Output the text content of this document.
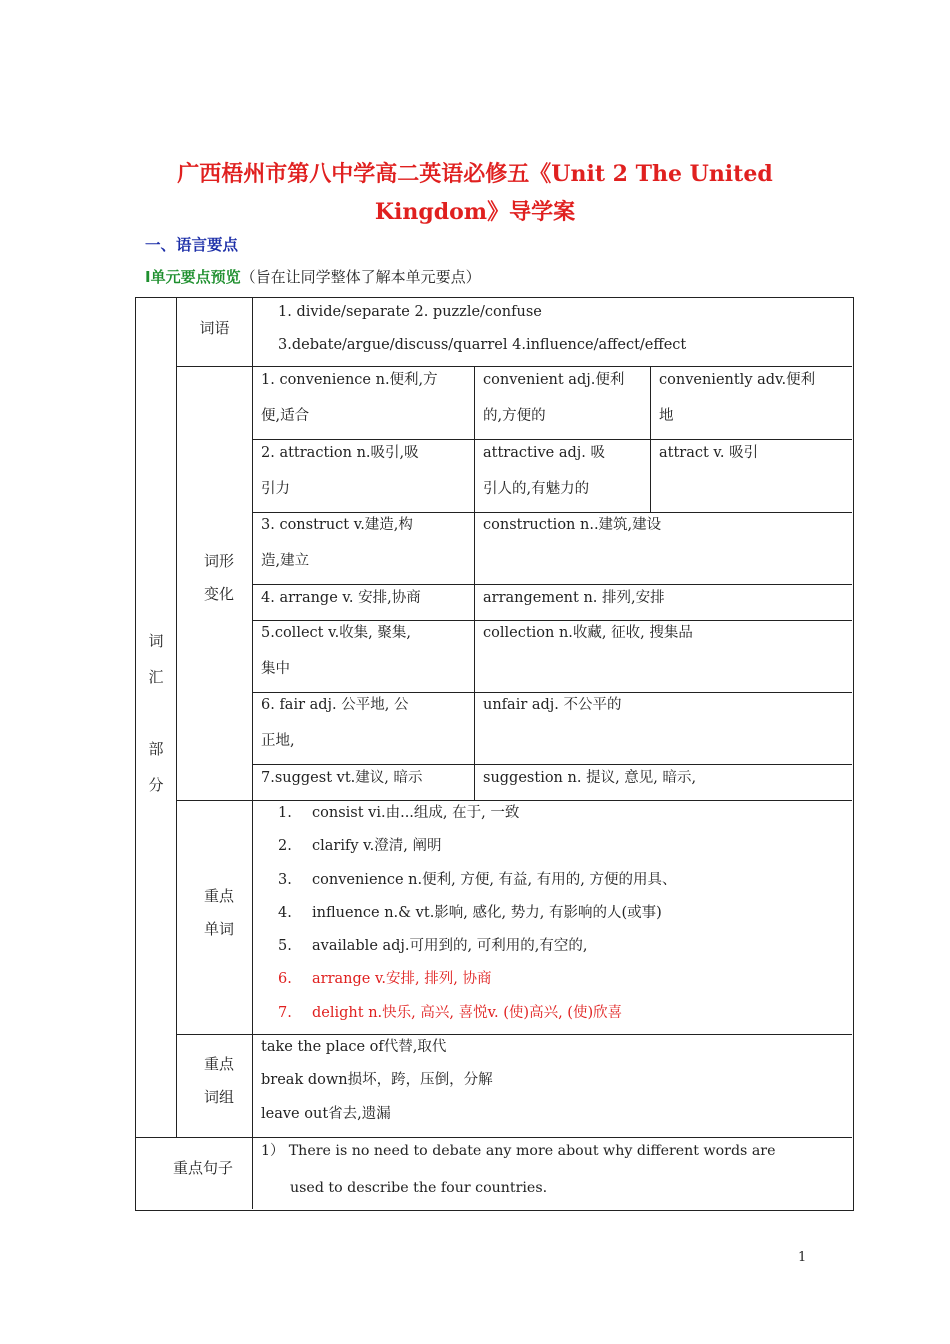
广西梧州市第八中学高二英语必修五《Unit 2 The United
Kingdom》导学案
一、语言要点
Ⅰ单元要点预览（旨在让同学整体了解本单元要点）
词
汇
部
分
词语
1. divide/separate 2. puzzle/confuse
3.debate/argue/discuss/quarrel 4.influence/affect/effect
词形
变化
1. convenience n.便利,方
便,适合
convenient adj.便利
的,方便的
conveniently adv.便利
地
2. attraction n.吸引,吸
引力
attractive adj. 吸
引人的,有魅力的
attract v. 吸引
3. construct v.建造,构
造,建立
construction n..建筑,建设
4. arrange v. 安排,协商	arrangement n. 排列,安排
5.collect v.收集, 聚集,
集中
collection n.收藏, 征收, 搜集品
6. fair adj. 公平地, 公
正地,
unfair adj. 不公平的
7.suggest vt.建议, 暗示	suggestion n. 提议, 意见, 暗示,
重点
单词
1. consist vi.由...组成, 在于, 一致
2. clarify v.澄清, 阐明
3. convenience n.便利, 方便, 有益, 有用的, 方便的用具、
4. influence n.& vt.影响, 感化, 势力, 有影响的人(或事)
5. available adj.可用到的, 可利用的,有空的,
6. arrange v.安排, 排列, 协商
7. delight n.快乐, 高兴, 喜悦v. (使)高兴, (使)欣喜
重点
词组
take the place of代替,取代
break down损坏，跨，压倒，分解
leave out省去,遗漏
重点句子
1） There is no need to debate any more about why different words are
used to describe the four countries.
1
